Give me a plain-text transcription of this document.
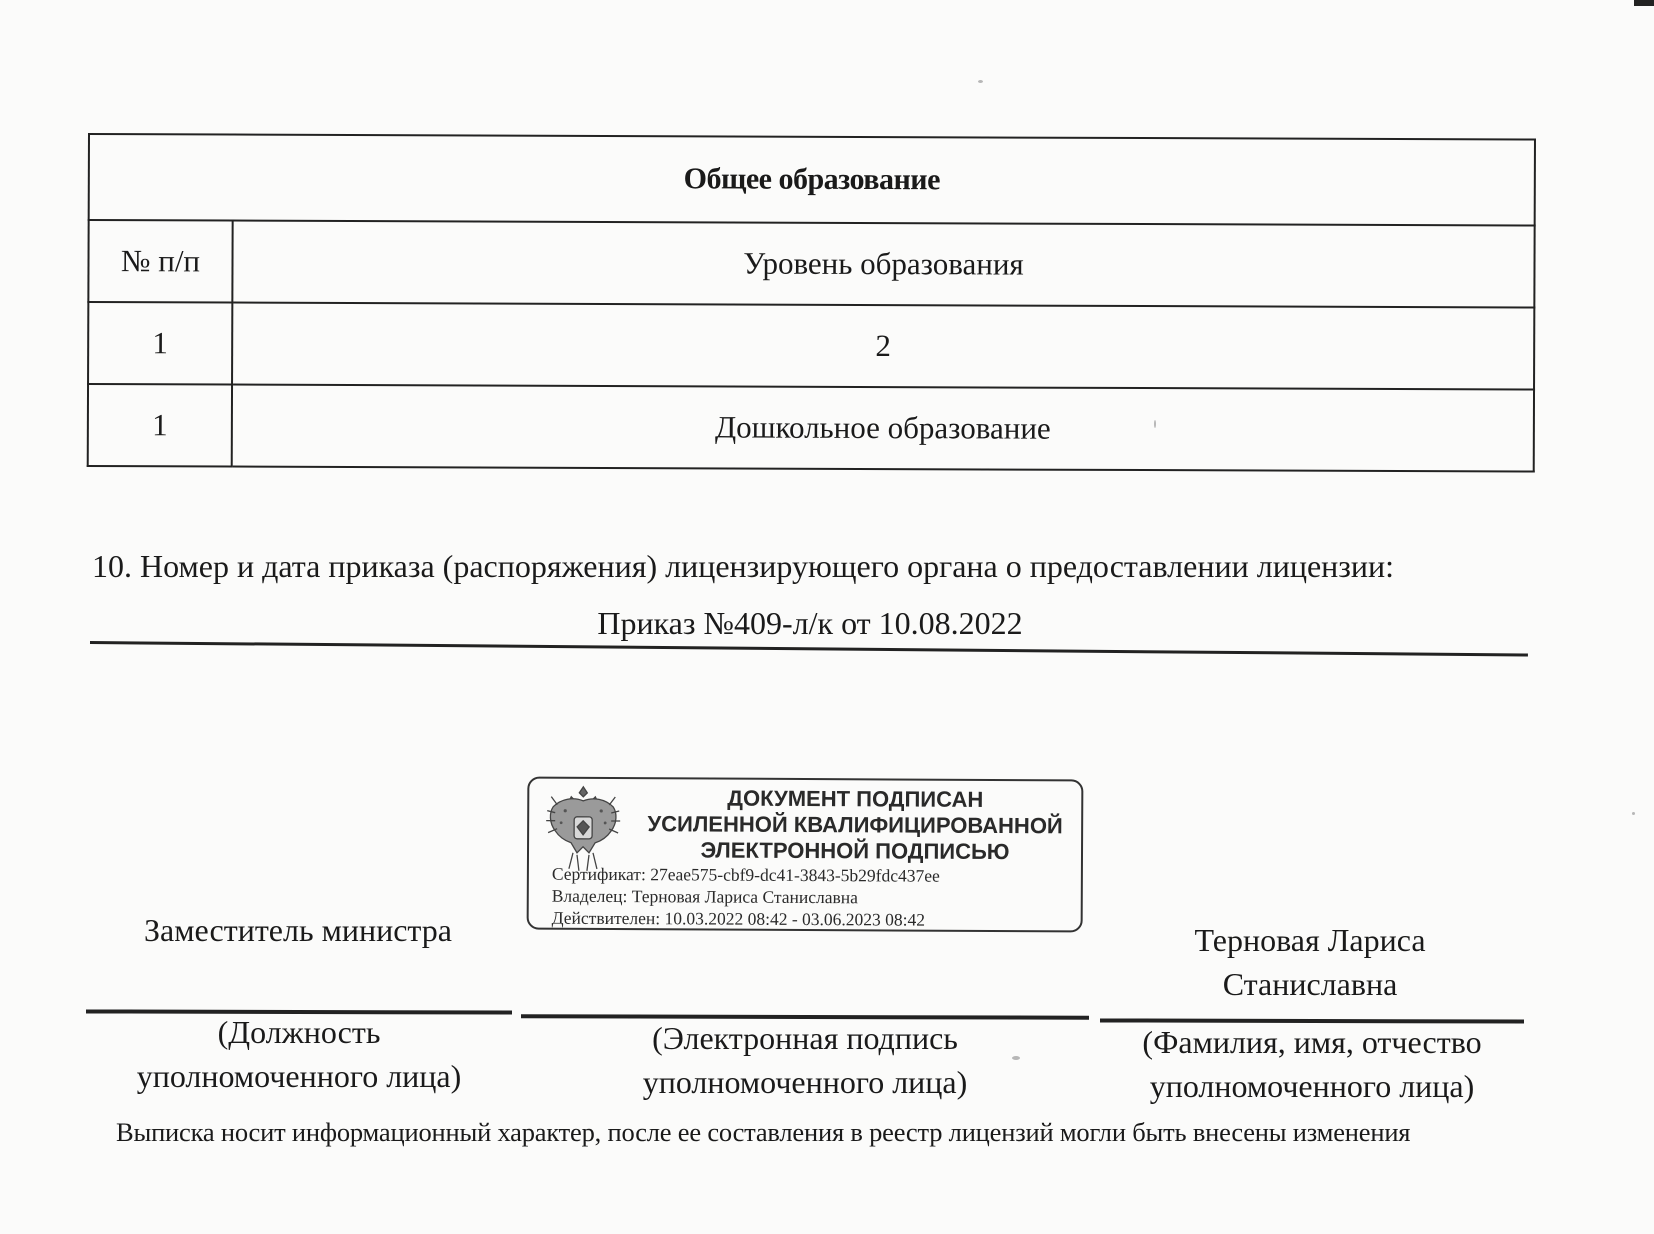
Общее образование	
№ п/п	Уровень образования
1	2
1	Дошкольное образование
10. Номер и дата приказа (распоряжения) лицензирующего органа о предоставлении лицензии:
Приказ №409-л/к от 10.08.2022
ДОКУМЕНТ ПОДПИСАН
УСИЛЕННОЙ КВАЛИФИЦИРОВАННОЙ
ЭЛЕКТРОННОЙ ПОДПИСЬЮ
Сертификат: 27eae575-cbf9-dc41-3843-5b29fdc437ee
Владелец: Терновая Лариса Станиславна
Действителен: 10.03.2022 08:42 - 03.06.2023 08:42
Заместитель министра	Терновая Лариса
Станиславна
(Должность
уполномоченного лица)
(Электронная подпись
уполномоченного лица)
(Фамилия, имя, отчество
уполномоченного лица)
Выписка носит информационный характер, после ее составления в реестр лицензий могли быть внесены изменения
